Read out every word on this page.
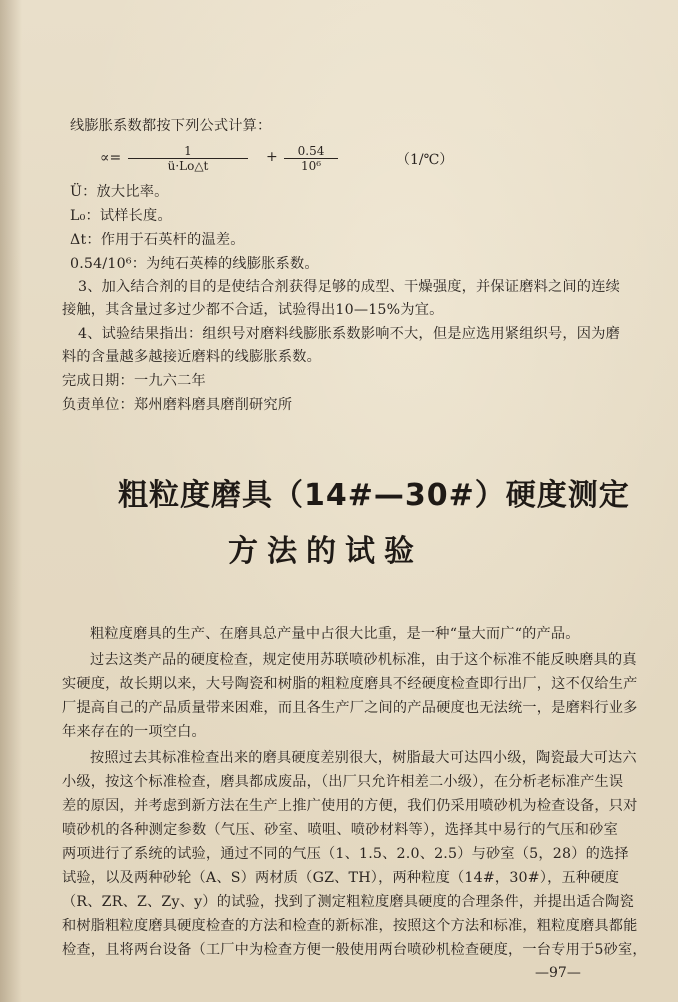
线膨胀系数都按下列公式计算：
∝= $\frac{1}{ü\cdot Lo\triangle t} + \frac{0.54}{\text{10⁶}}$	（1/℃）
Ü：放大比率。
L₀：试样长度。
Δt：作用于石英杆的温差。
0.54/10⁶：为纯石英棒的线膨胀系数。
3、加入结合剂的目的是使结合剂获得足够的成型、干燥强度，并保证磨料之间的连续
接触，其含量过多过少都不合适，试验得出10—15%为宜。
4、试验结果指出：组织号对磨料线膨胀系数影响不大，但是应选用紧组织号，因为磨
料的含量越多越接近磨料的线膨胀系数。
完成日期：一九六二年
负责单位：郑州磨料磨具磨削研究所
粗粒度磨具（14#—30#）硬度测定
方法的试验
粗粒度磨具的生产、在磨具总产量中占很大比重，是一种“量大而广“的产品。
过去这类产品的硬度检查，规定使用苏联喷砂机标准，由于这个标准不能反映磨具的真
实硬度，故长期以来，大号陶瓷和树脂的粗粒度磨具不经硬度检查即行出厂，这不仅给生产
厂提高自己的产品质量带来困难，而且各生产厂之间的产品硬度也无法统一，是磨料行业多
年来存在的一项空白。
按照过去其标准检查出来的磨具硬度差别很大，树脂最大可达四小级，陶瓷最大可达六
小级，按这个标准检查，磨具都成废品，（出厂只允许相差二小级），在分析老标准产生误
差的原因，并考虑到新方法在生产上推广使用的方便，我们仍采用喷砂机为检查设备，只对
喷砂机的各种测定参数（气压、砂室、喷咀、喷砂材料等），选择其中易行的气压和砂室
两项进行了系统的试验，通过不同的气压（1、1.5、2.0、2.5）与砂室（5，28）的选择
试验，以及两种砂轮（A、S）两材质（GZ、TH），两种粒度（14#，30#），五种硬度
（R、ZR、Z、Zy、y）的试验，找到了测定粗粒度磨具硬度的合理条件，并提出适合陶瓷
和树脂粗粒度磨具硬度检查的方法和检查的新标准，按照这个方法和标准，粗粒度磨具都能
检查，且将两台设备（工厂中为检查方便一般使用两台喷砂机检查硬度，一台专用于5砂室，
—97—
